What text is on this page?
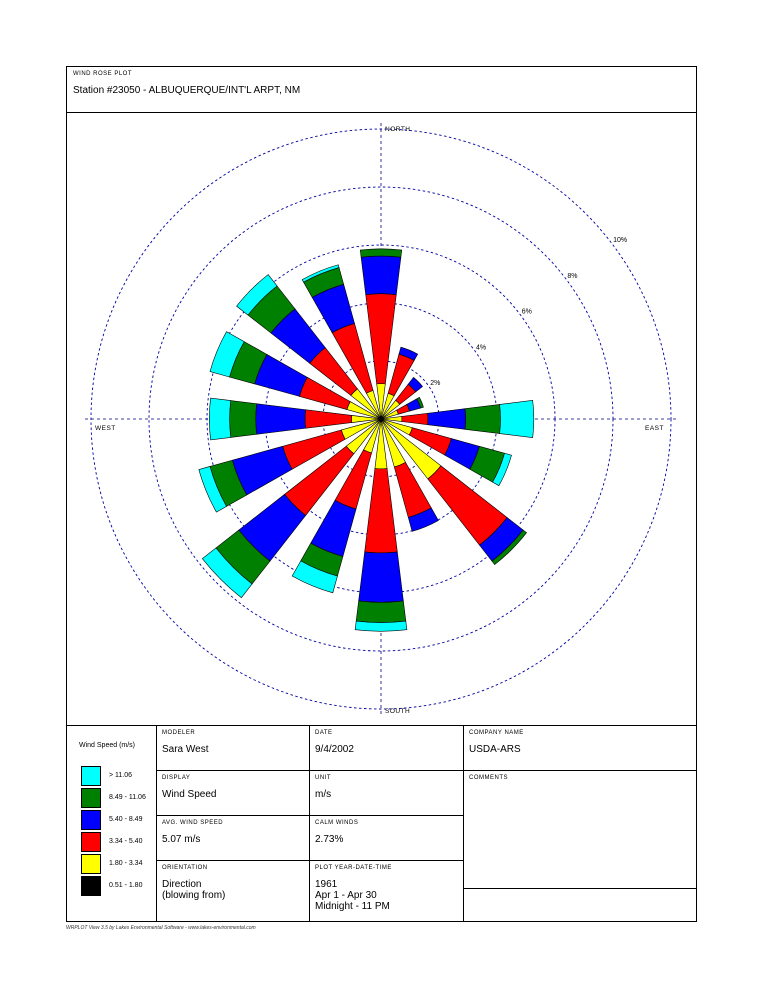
WIND ROSE PLOT
Station #23050 - ALBUQUERQUE/INT'L ARPT, NM
2%
4%
6%
8%
10%
NORTH
SOUTH
EAST
WEST
Wind Speed (m/s)
> 11.06
8.49 - 11.06
5.40 - 8.49
3.34 - 5.40
1.80 - 3.34
0.51 - 1.80
MODELER
Sara West
DATE
9/4/2002
COMPANY NAME
USDA-ARS
DISPLAY
Wind Speed
UNIT
m/s
COMMENTS
AVG. WIND SPEED
5.07 m/s
CALM WINDS
2.73%
ORIENTATION
Direction
(blowing from)
PLOT YEAR-DATE-TIME
1961
Apr 1 - Apr 30
Midnight - 11 PM
WRPLOT View 3.5 by Lakes Environmental Software - www.lakes-environmental.com
